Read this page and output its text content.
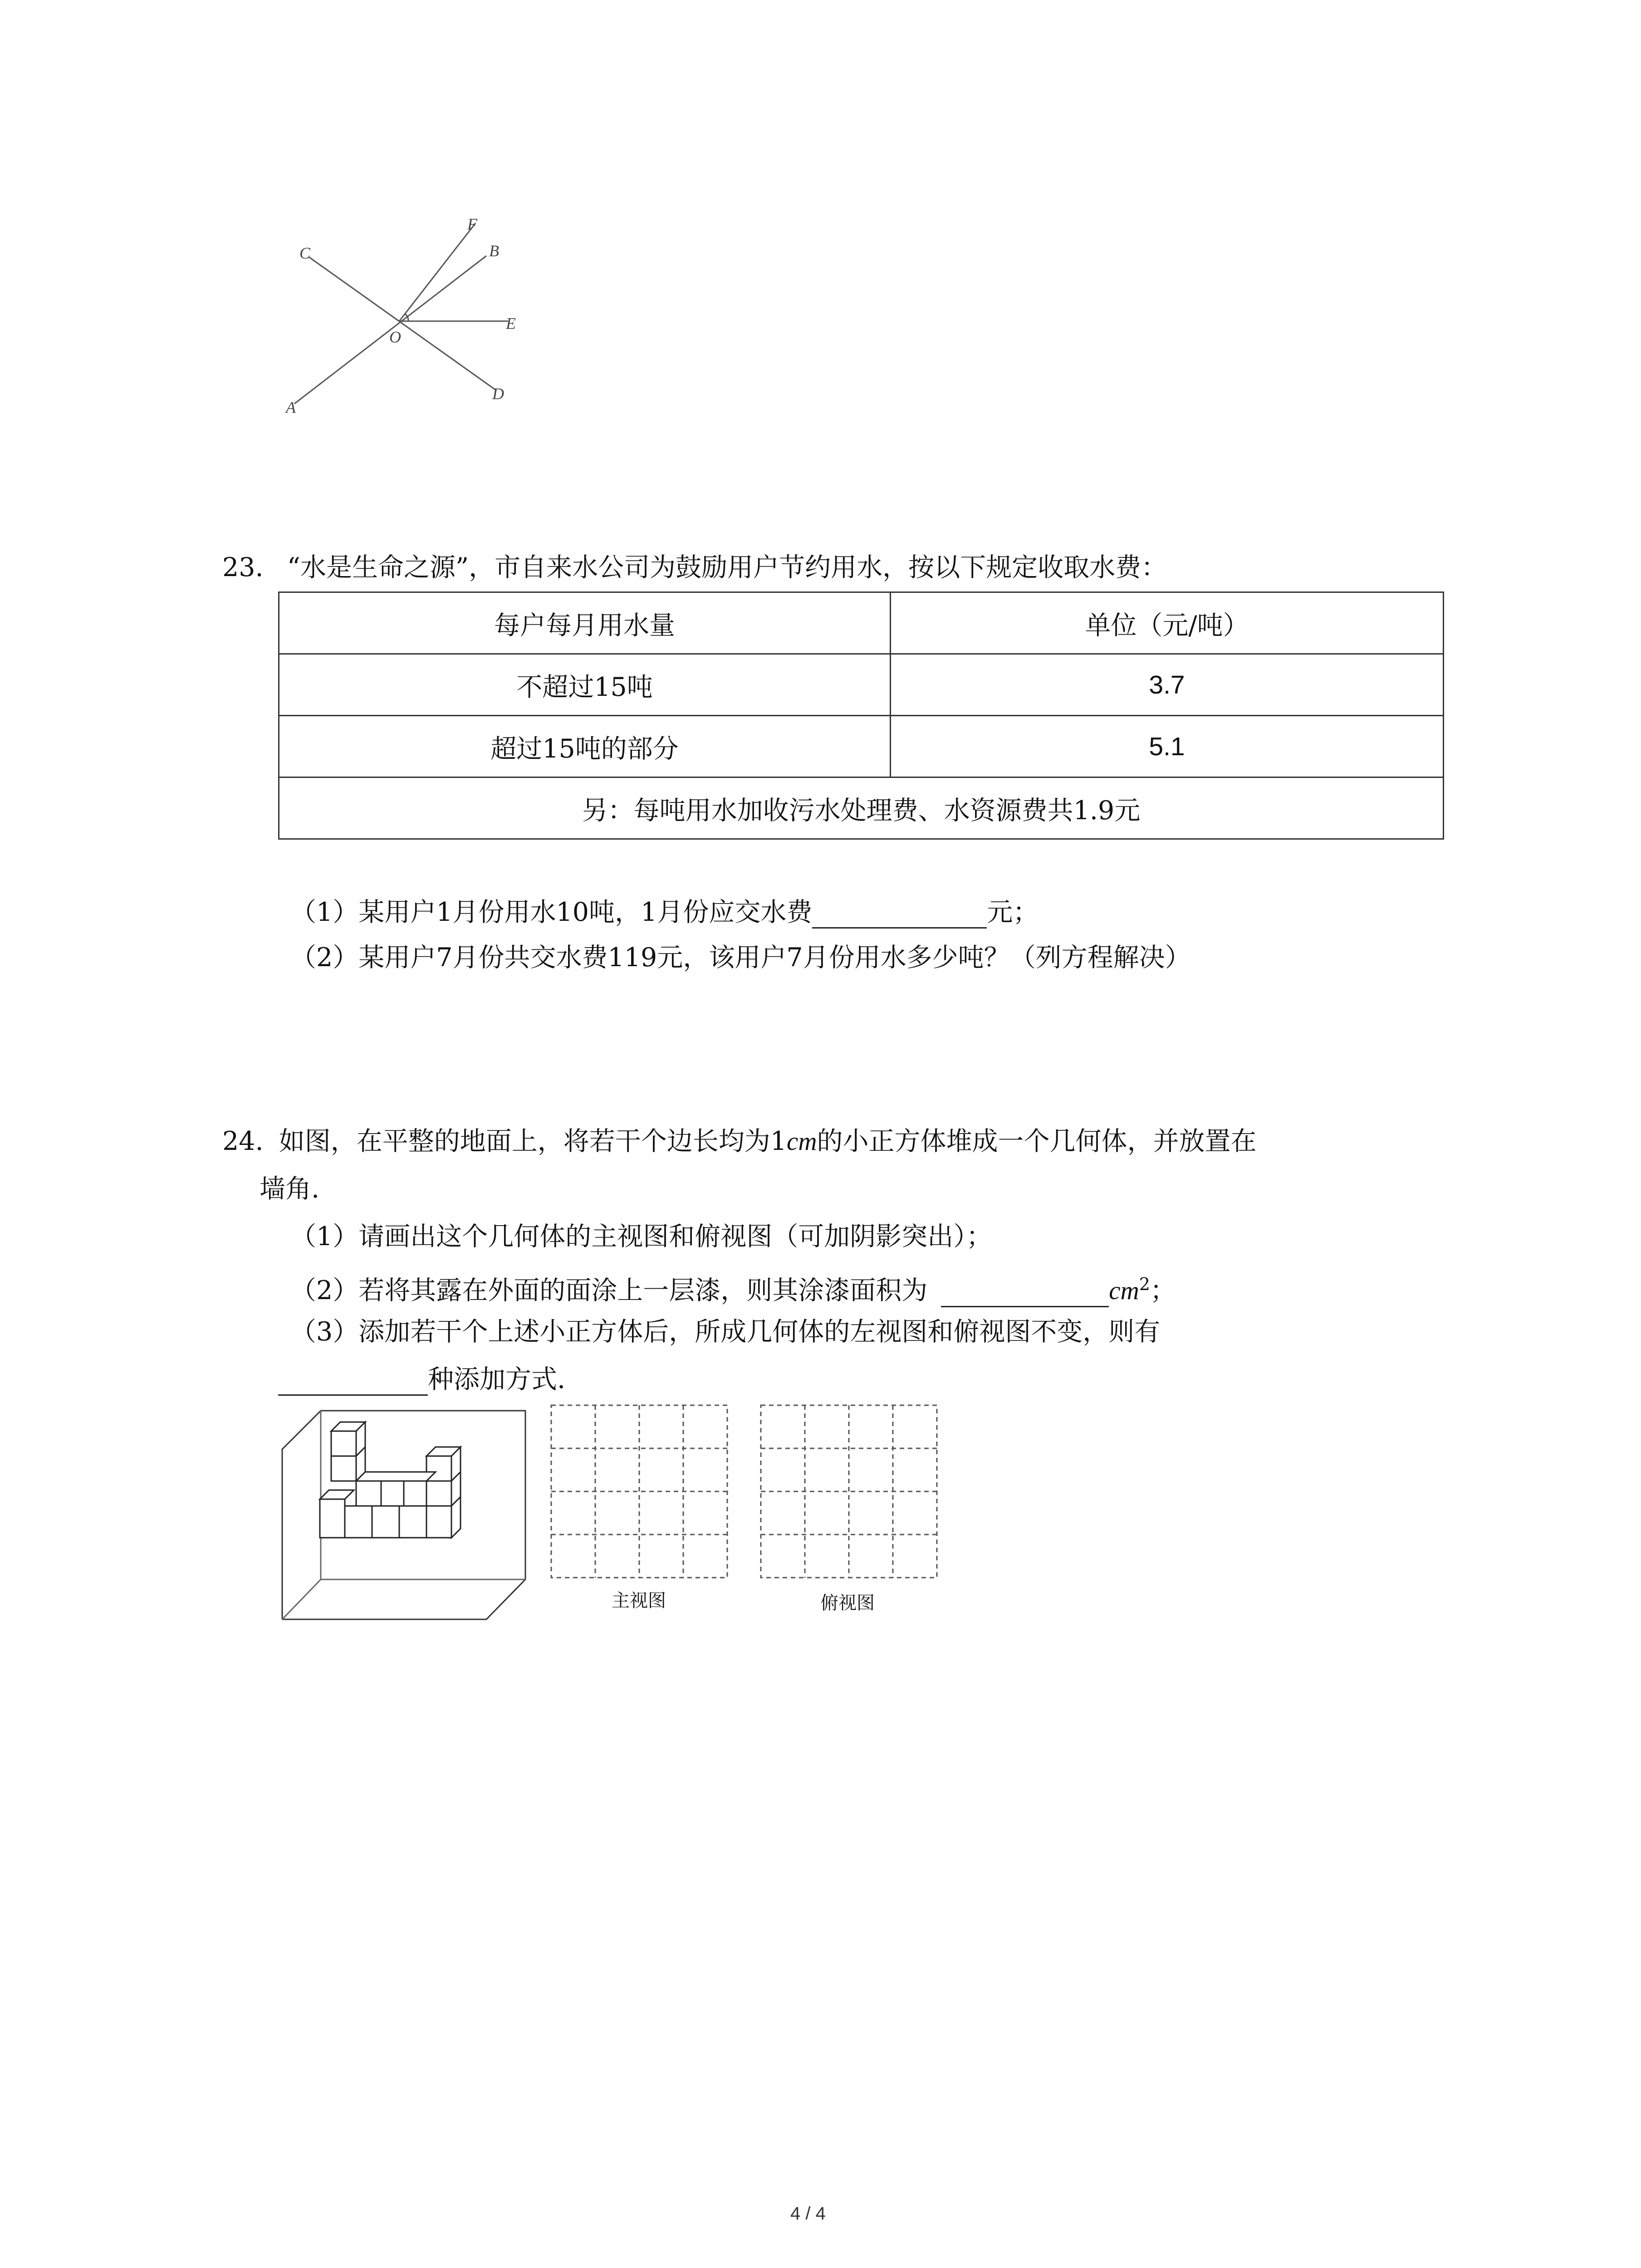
C
F
B
E
O
A
D
23. “水是生命之源”，市自来水公司为鼓励用户节约用水，按以下规定收取水费：
每户每月用水量	单位（元/吨）
不超过15吨	3.7
超过15吨的部分	5.1
另：每吨用水加收污水处理费、水资源费共1.9元	
（1）某用户1月份用水10吨，1月份应交水费	元；
（2）某用户7月份共交水费119元，该用户7月份用水多少吨？（列方程解决）
24. 如图，在平整的地面上，将若干个边长均为1cm的小正方体堆成一个几何体，并放置在
墙角.
（1）请画出这个几何体的主视图和俯视图（可加阴影突出）；
（2）若将其露在外面的面涂上一层漆，则其涂漆面积为	$cm^2$；
（3）添加若干个上述小正方体后，所成几何体的左视图和俯视图不变，则有
种添加方式.
主视图	俯视图
4 / 4
